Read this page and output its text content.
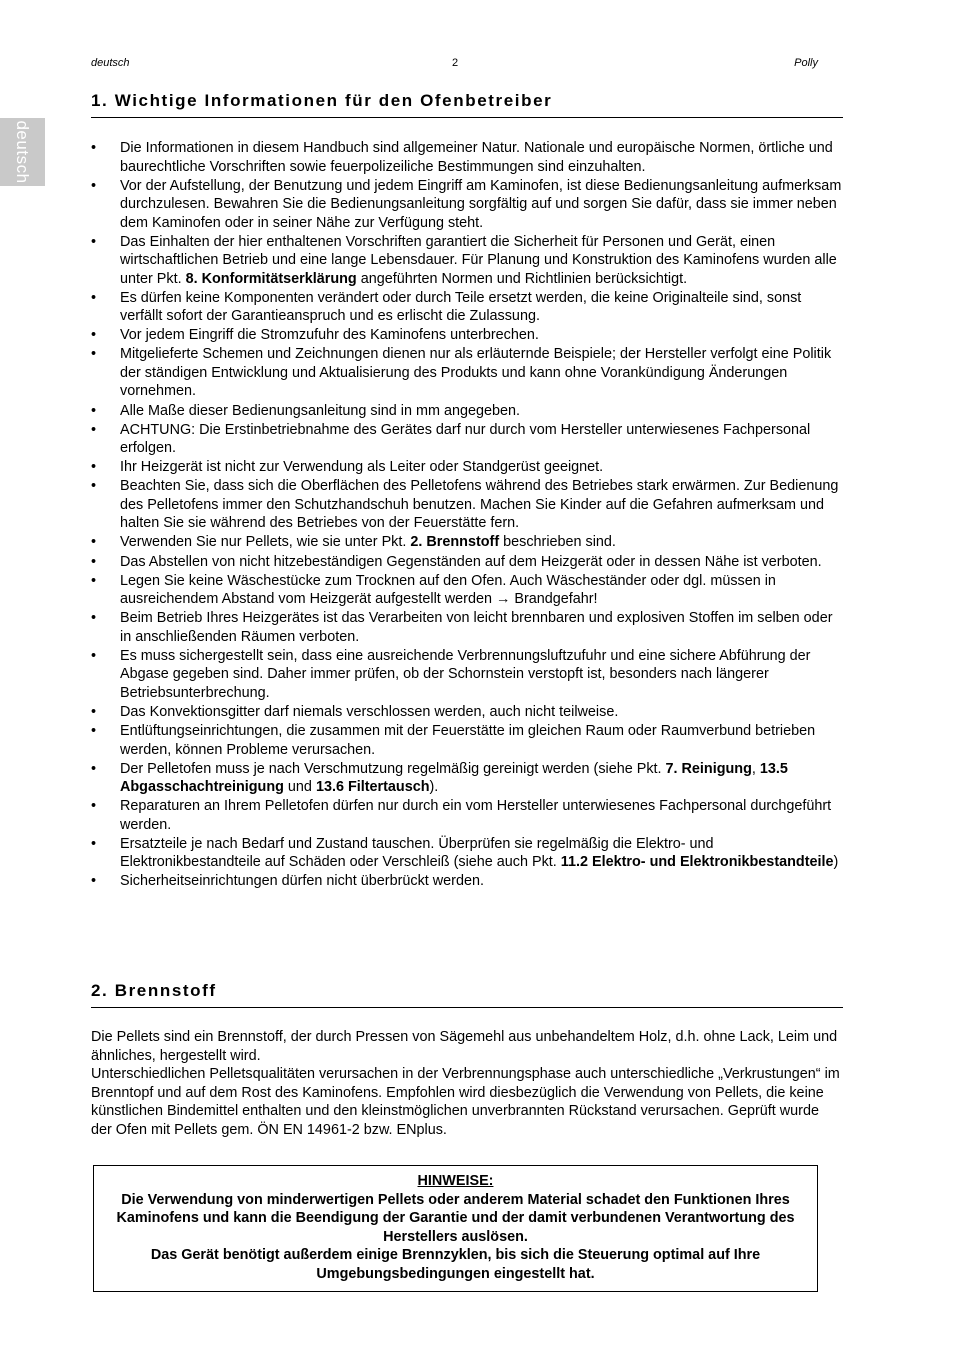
deutsch	2	Polly
deutsch
1. Wichtige Informationen für den Ofenbetreiber
• Die Informationen in diesem Handbuch sind allgemeiner Natur. Nationale und europäische Normen, örtliche und baurechtliche Vorschriften sowie feuerpolizeiliche Bestimmungen sind einzuhalten.
• Vor der Aufstellung, der Benutzung und jedem Eingriff am Kaminofen, ist diese Bedienungsanleitung aufmerksam durchzulesen. Bewahren Sie die Bedienungsanleitung sorgfältig auf und sorgen Sie dafür, dass sie immer neben dem Kaminofen oder in seiner Nähe zur Verfügung steht.
• Das Einhalten der hier enthaltenen Vorschriften garantiert die Sicherheit für Personen und Gerät, einen wirtschaftlichen Betrieb und eine lange Lebensdauer. Für Planung und Konstruktion des Kaminofens wurden alle unter Pkt. 8. Konformitätserklärung angeführten Normen und Richtlinien berücksichtigt.
• Es dürfen keine Komponenten verändert oder durch Teile ersetzt werden, die keine Originalteile sind, sonst verfällt sofort der Garantieanspruch und es erlischt die Zulassung.
• Vor jedem Eingriff die Stromzufuhr des Kaminofens unterbrechen.
• Mitgelieferte Schemen und Zeichnungen dienen nur als erläuternde Beispiele; der Hersteller verfolgt eine Politik der ständigen Entwicklung und Aktualisierung des Produkts und kann ohne Vorankündigung Änderungen vornehmen.
• Alle Maße dieser Bedienungsanleitung sind in mm angegeben.
• ACHTUNG: Die Erstinbetriebnahme des Gerätes darf nur durch vom Hersteller unterwiesenes Fachpersonal erfolgen.
• Ihr Heizgerät ist nicht zur Verwendung als Leiter oder Standgerüst geeignet.
• Beachten Sie, dass sich die Oberflächen des Pelletofens während des Betriebes stark erwärmen. Zur Bedienung des Pelletofens immer den Schutzhandschuh benutzen. Machen Sie Kinder auf die Gefahren aufmerksam und halten Sie sie während des Betriebes von der Feuerstätte fern.
• Verwenden Sie nur Pellets, wie sie unter Pkt. 2. Brennstoff beschrieben sind.
• Das Abstellen von nicht hitzebeständigen Gegenständen auf dem Heizgerät oder in dessen Nähe ist verboten.
• Legen Sie keine Wäschestücke zum Trocknen auf den Ofen. Auch Wäscheständer oder dgl. müssen in ausreichendem Abstand vom Heizgerät aufgestellt werden → Brandgefahr!
• Beim Betrieb Ihres Heizgerätes ist das Verarbeiten von leicht brennbaren und explosiven Stoffen im selben oder in anschließenden Räumen verboten.
• Es muss sichergestellt sein, dass eine ausreichende Verbrennungsluftzufuhr und eine sichere Abführung der Abgase gegeben sind. Daher immer prüfen, ob der Schornstein verstopft ist, besonders nach längerer Betriebsunterbrechung.
• Das Konvektionsgitter darf niemals verschlossen werden, auch nicht teilweise.
• Entlüftungseinrichtungen, die zusammen mit der Feuerstätte im gleichen Raum oder Raumverbund betrieben werden, können Probleme verursachen.
• Der Pelletofen muss je nach Verschmutzung regelmäßig gereinigt werden (siehe Pkt. 7. Reinigung, 13.5 Abgasschachtreinigung und 13.6 Filtertausch).
• Reparaturen an Ihrem Pelletofen dürfen nur durch ein vom Hersteller unterwiesenes Fachpersonal durchgeführt werden.
• Ersatzteile je nach Bedarf und Zustand tauschen. Überprüfen sie regelmäßig die Elektro- und Elektronikbestandteile auf Schäden oder Verschleiß (siehe auch Pkt. 11.2 Elektro- und Elektronikbestandteile)
• Sicherheitseinrichtungen dürfen nicht überbrückt werden.
2. Brennstoff

Die Pellets sind ein Brennstoff, der durch Pressen von Sägemehl aus unbehandeltem Holz, d.h. ohne Lack, Leim und ähnliches, hergestellt wird.

Unterschiedlichen Pelletsqualitäten verursachen in der Verbrennungsphase auch unterschiedliche „Verkrustungen“ im Brenntopf und auf dem Rost des Kaminofens. Empfohlen wird diesbezüglich die Verwendung von Pellets, die keine künstlichen Bindemittel enthalten und den kleinstmöglichen unverbrannten Rückstand verursachen. Geprüft wurde der Ofen mit Pellets gem. ÖN EN 14961-2 bzw. ENplus.

HINWEISE:

Die Verwendung von minderwertigen Pellets oder anderem Material schadet den Funktionen Ihres Kaminofens und kann die Beendigung der Garantie und der damit verbundenen Verantwortung des Herstellers auslösen.

Das Gerät benötigt außerdem einige Brennzyklen, bis sich die Steuerung optimal auf Ihre Umgebungsbedingungen eingestellt hat.
